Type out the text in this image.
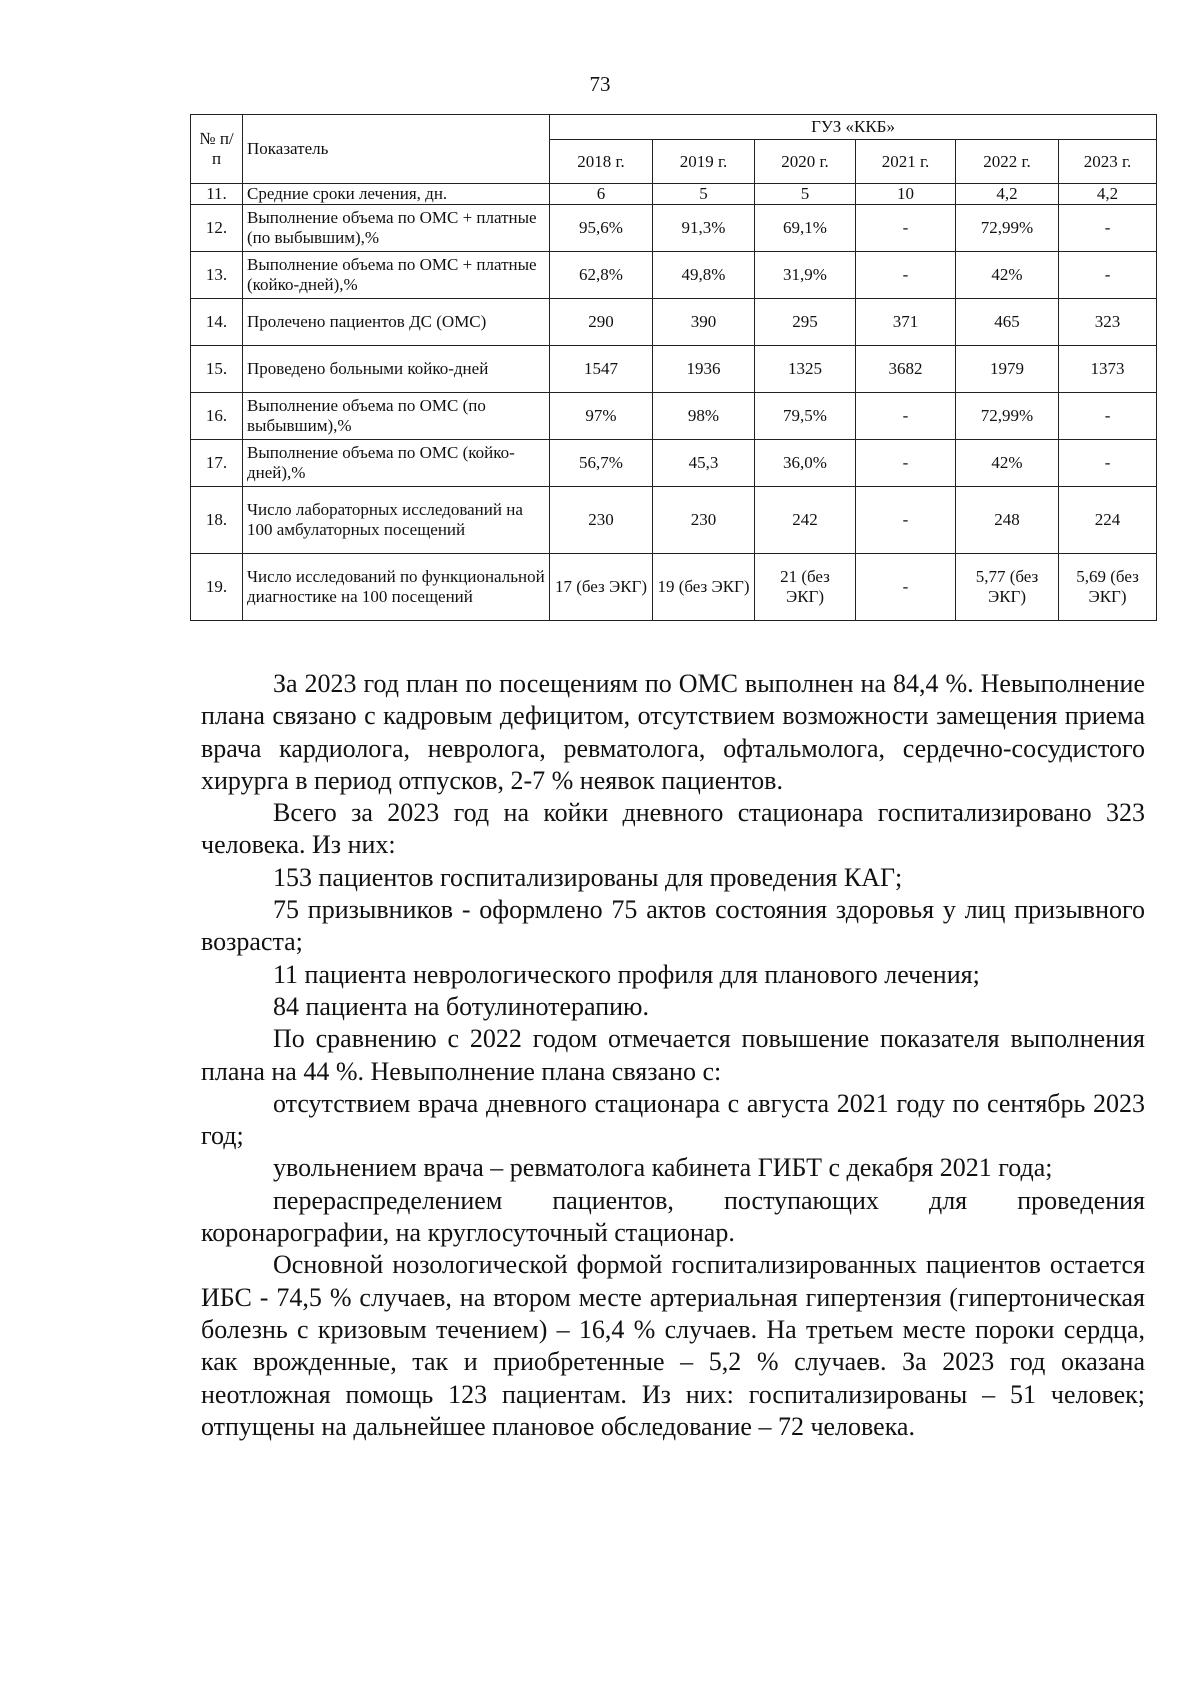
73
№ п/п	Показатель	ГУЗ «ККБ»					
		2018 г.	2019 г.	2020 г.	2021 г.	2022 г.	2023 г.
11.	Средние сроки лечения, дн.	6	5	5	10	4,2	4,2
12.	Выполнение объема по ОМС + платные (по выбывшим),%	95,6%	91,3%	69,1%	-	72,99%	-
13.	Выполнение объема по ОМС + платные (койко-дней),%	62,8%	49,8%	31,9%	-	42%	-
14.	Пролечено пациентов ДС (ОМС)	290	390	295	371	465	323
15.	Проведено больными койко-дней	1547	1936	1325	3682	1979	1373
16.	Выполнение объема по ОМС (по выбывшим),%	97%	98%	79,5%	-	72,99%	-
17.	Выполнение объема по ОМС (койко-дней),%	56,7%	45,3	36,0%	-	42%	-
18.	Число лабораторных исследований на 100 амбулаторных посещений	230	230	242	-	248	224
19.	Число исследований по функциональной диагностике на 100 посещений	17 (без ЭКГ)	19 (без ЭКГ)	21 (без ЭКГ)	-	5,77 (без ЭКГ)	5,69 (без ЭКГ)

За 2023 год план по посещениям по ОМС выполнен на 84,4 %. Невыполнение плана связано с кадровым дефицитом, отсутствием возможности замещения приема врача кардиолога, невролога, ревматолога, офтальмолога, сердечно-сосудистого хирурга в период отпусков, 2-7 % неявок пациентов.

Всего за 2023 год на койки дневного стационара госпитализировано 323 человека. Из них:

153 пациентов госпитализированы для проведения КАГ;

75 призывников - оформлено 75 актов состояния здоровья у лиц призывного возраста;

11 пациента неврологического профиля для планового лечения;

84 пациента на ботулинотерапию.

По сравнению с 2022 годом отмечается повышение показателя выполнения плана на 44 %. Невыполнение плана связано с:

отсутствием врача дневного стационара с августа 2021 году по сентябрь 2023 год;

увольнением врача – ревматолога кабинета ГИБТ с декабря 2021 года;

перераспределением пациентов, поступающих для проведения коронарографии, на круглосуточный стационар.

Основной нозологической формой госпитализированных пациентов остается ИБС - 74,5 % случаев, на втором месте артериальная гипертензия (гипертоническая болезнь с кризовым течением) – 16,4 % случаев. На третьем месте пороки сердца, как врожденные, так и приобретенные – 5,2 % случаев. За 2023 год оказана неотложная помощь 123 пациентам. Из них: госпитализированы – 51 человек; отпущены на дальнейшее плановое обследование – 72 человека.
